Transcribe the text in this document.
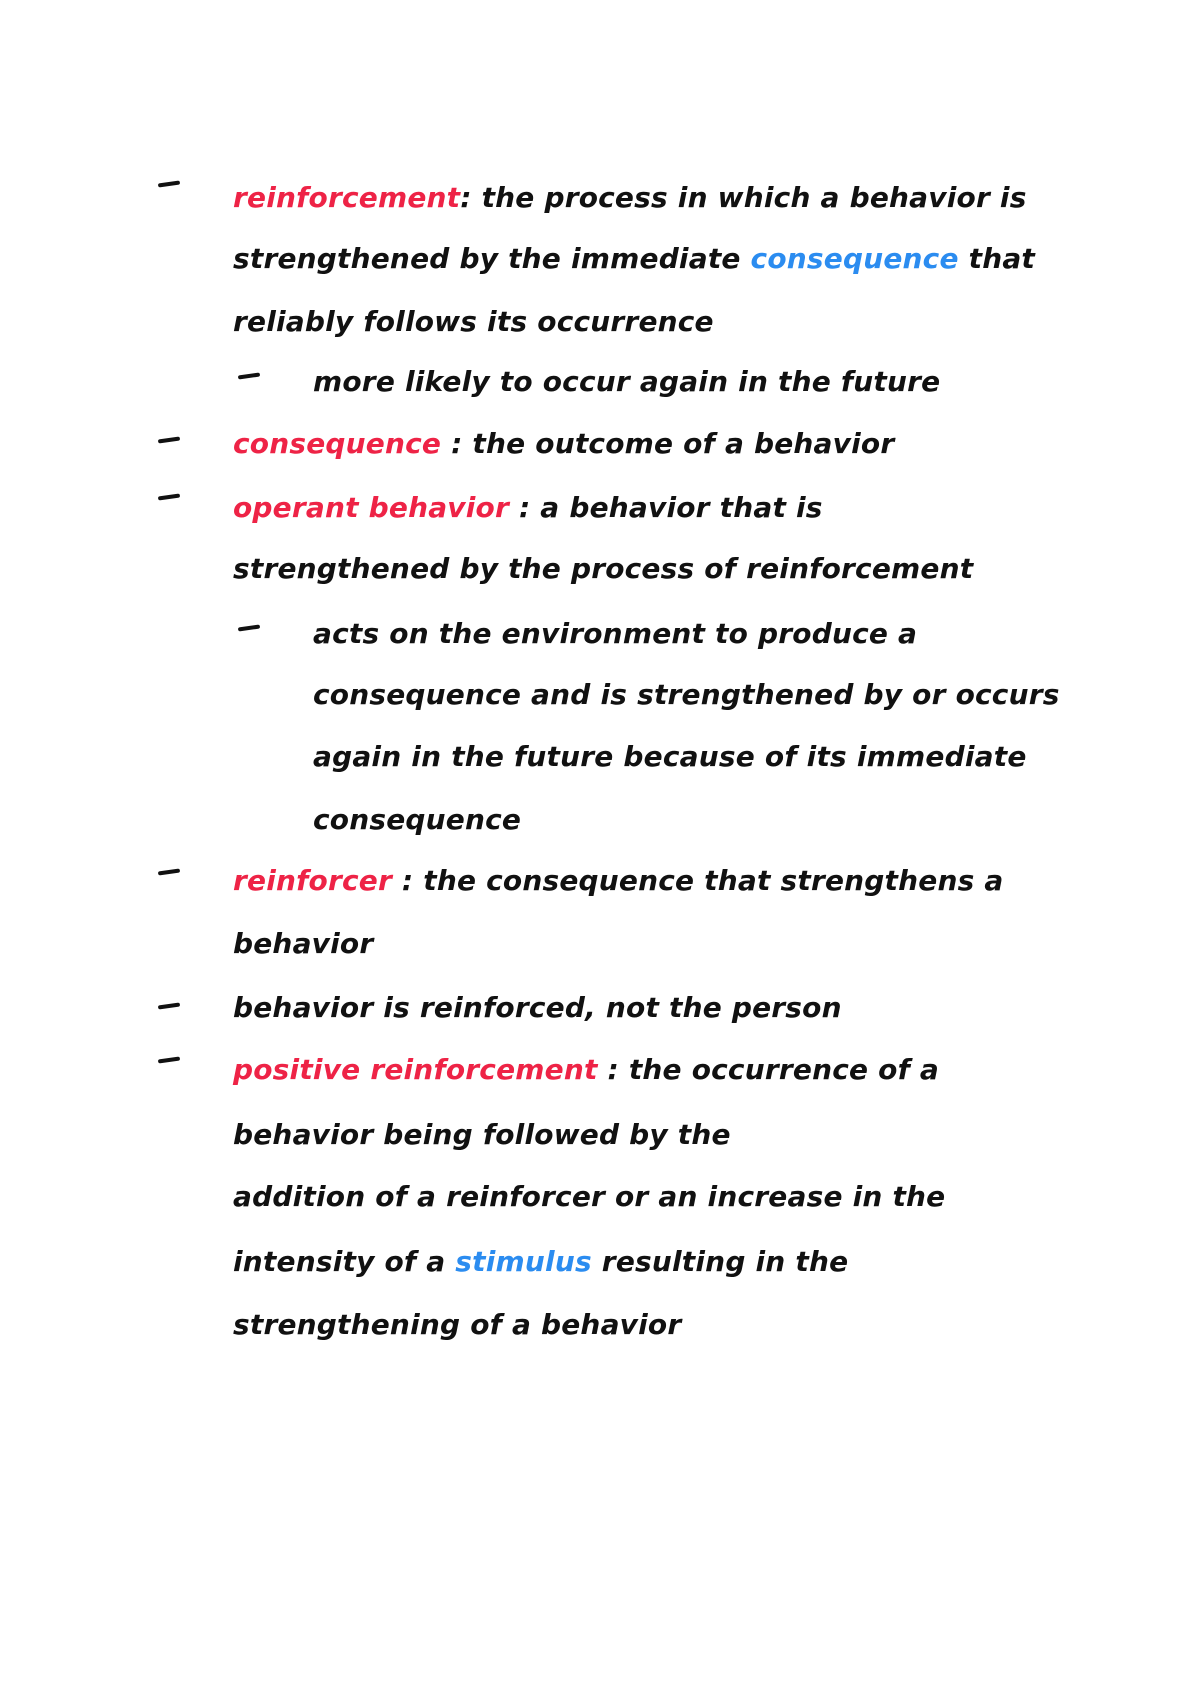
reinforcement: the process in which a behavior is
strengthened by the immediate consequence that
reliably follows its occurrence
more likely to occur again in the future
consequence : the outcome of a behavior
operant behavior : a behavior that is
strengthened by the process of reinforcement
acts on the environment to produce a
consequence and is strengthened by or occurs
again in the future because of its immediate
consequence
reinforcer : the consequence that strengthens a
behavior
behavior is reinforced, not the person
positive reinforcement : the occurrence of a
behavior being followed by the
addition of a reinforcer or an increase in the
intensity of a stimulus resulting in the
strengthening of a behavior
